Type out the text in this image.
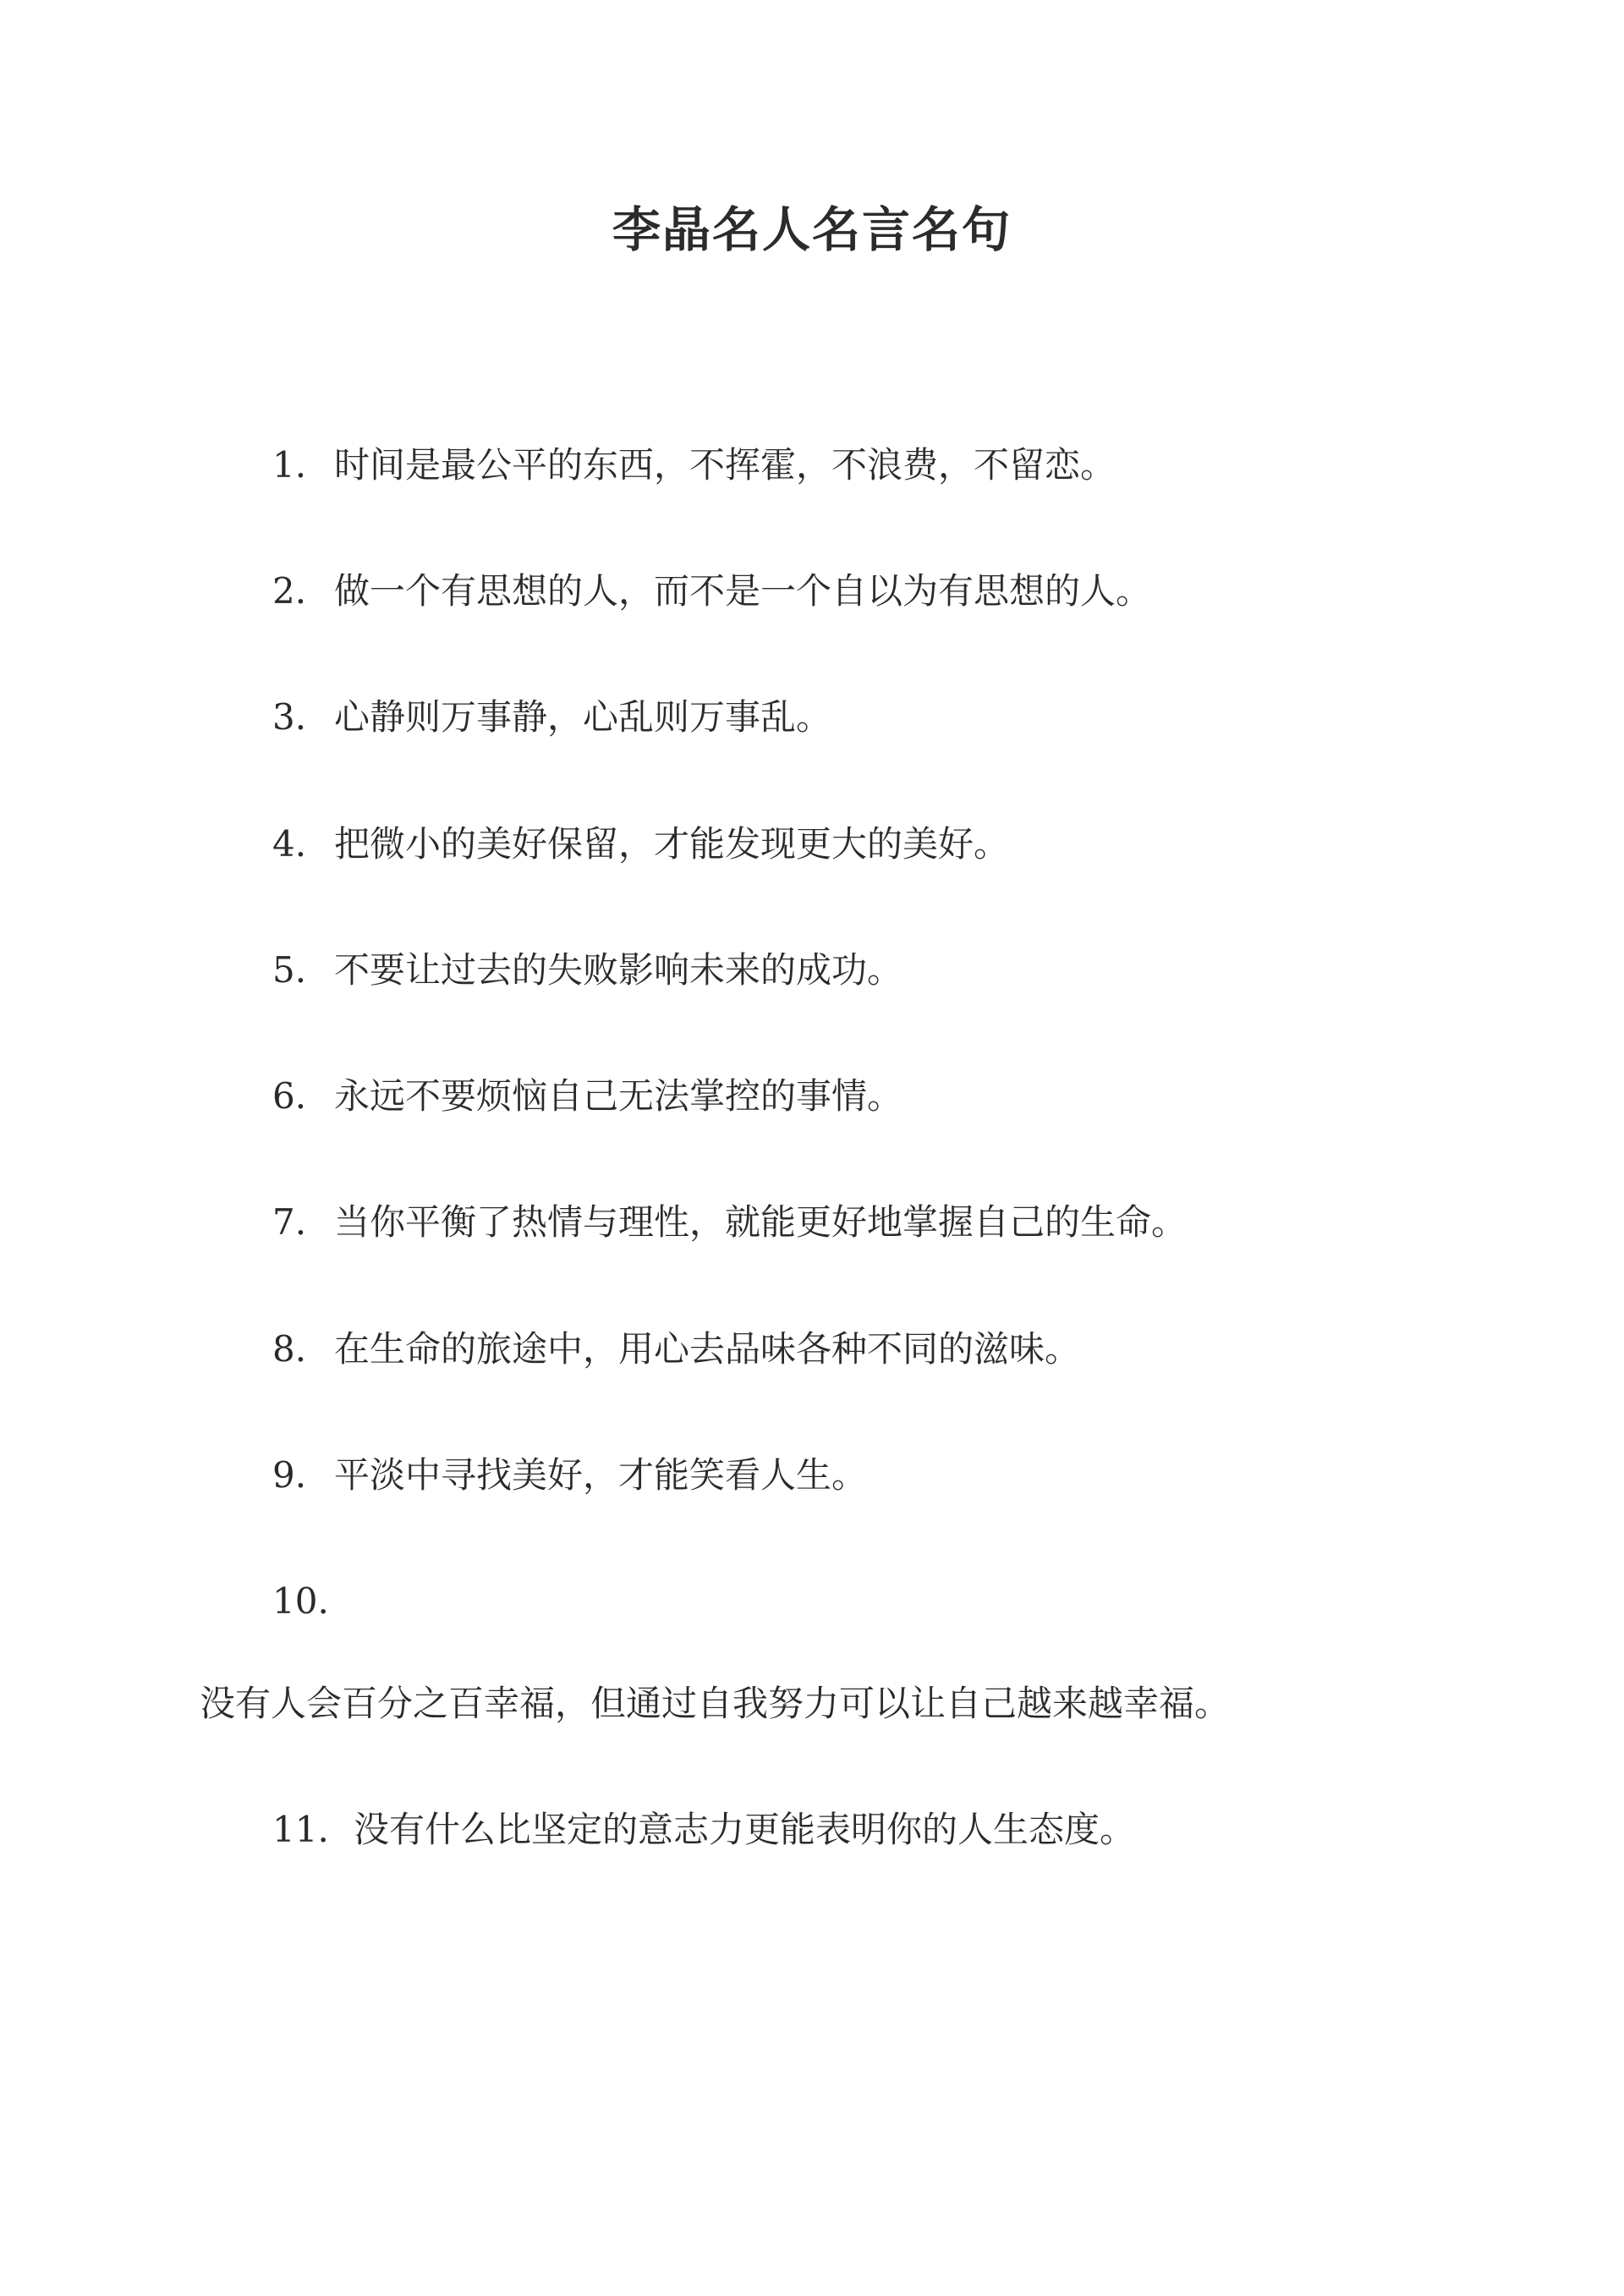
李晶名人名言名句
1. 时间是最公平的东西，不挥霍，不浪费，不留恋。
2. 做一个有思想的人，而不是一个自以为有思想的人。
3. 心静则万事静，心乱则万事乱。
4. 把微小的美好保留，才能发现更大的美好。
5. 不要让过去的失败影响未来的成功。
6. 永远不要烦恼自己无法掌控的事情。
7. 当你平衡了热情与理性，就能更好地掌握自己的生命。
8. 在生命的旅途中，用心去品味各种不同的滋味。
9. 平淡中寻找美好，才能笑看人生。
10.
没有人会百分之百幸福，但通过自我努力可以让自己越来越幸福。
11. 没有什么比坚定的意志力更能表明你的人生态度。
